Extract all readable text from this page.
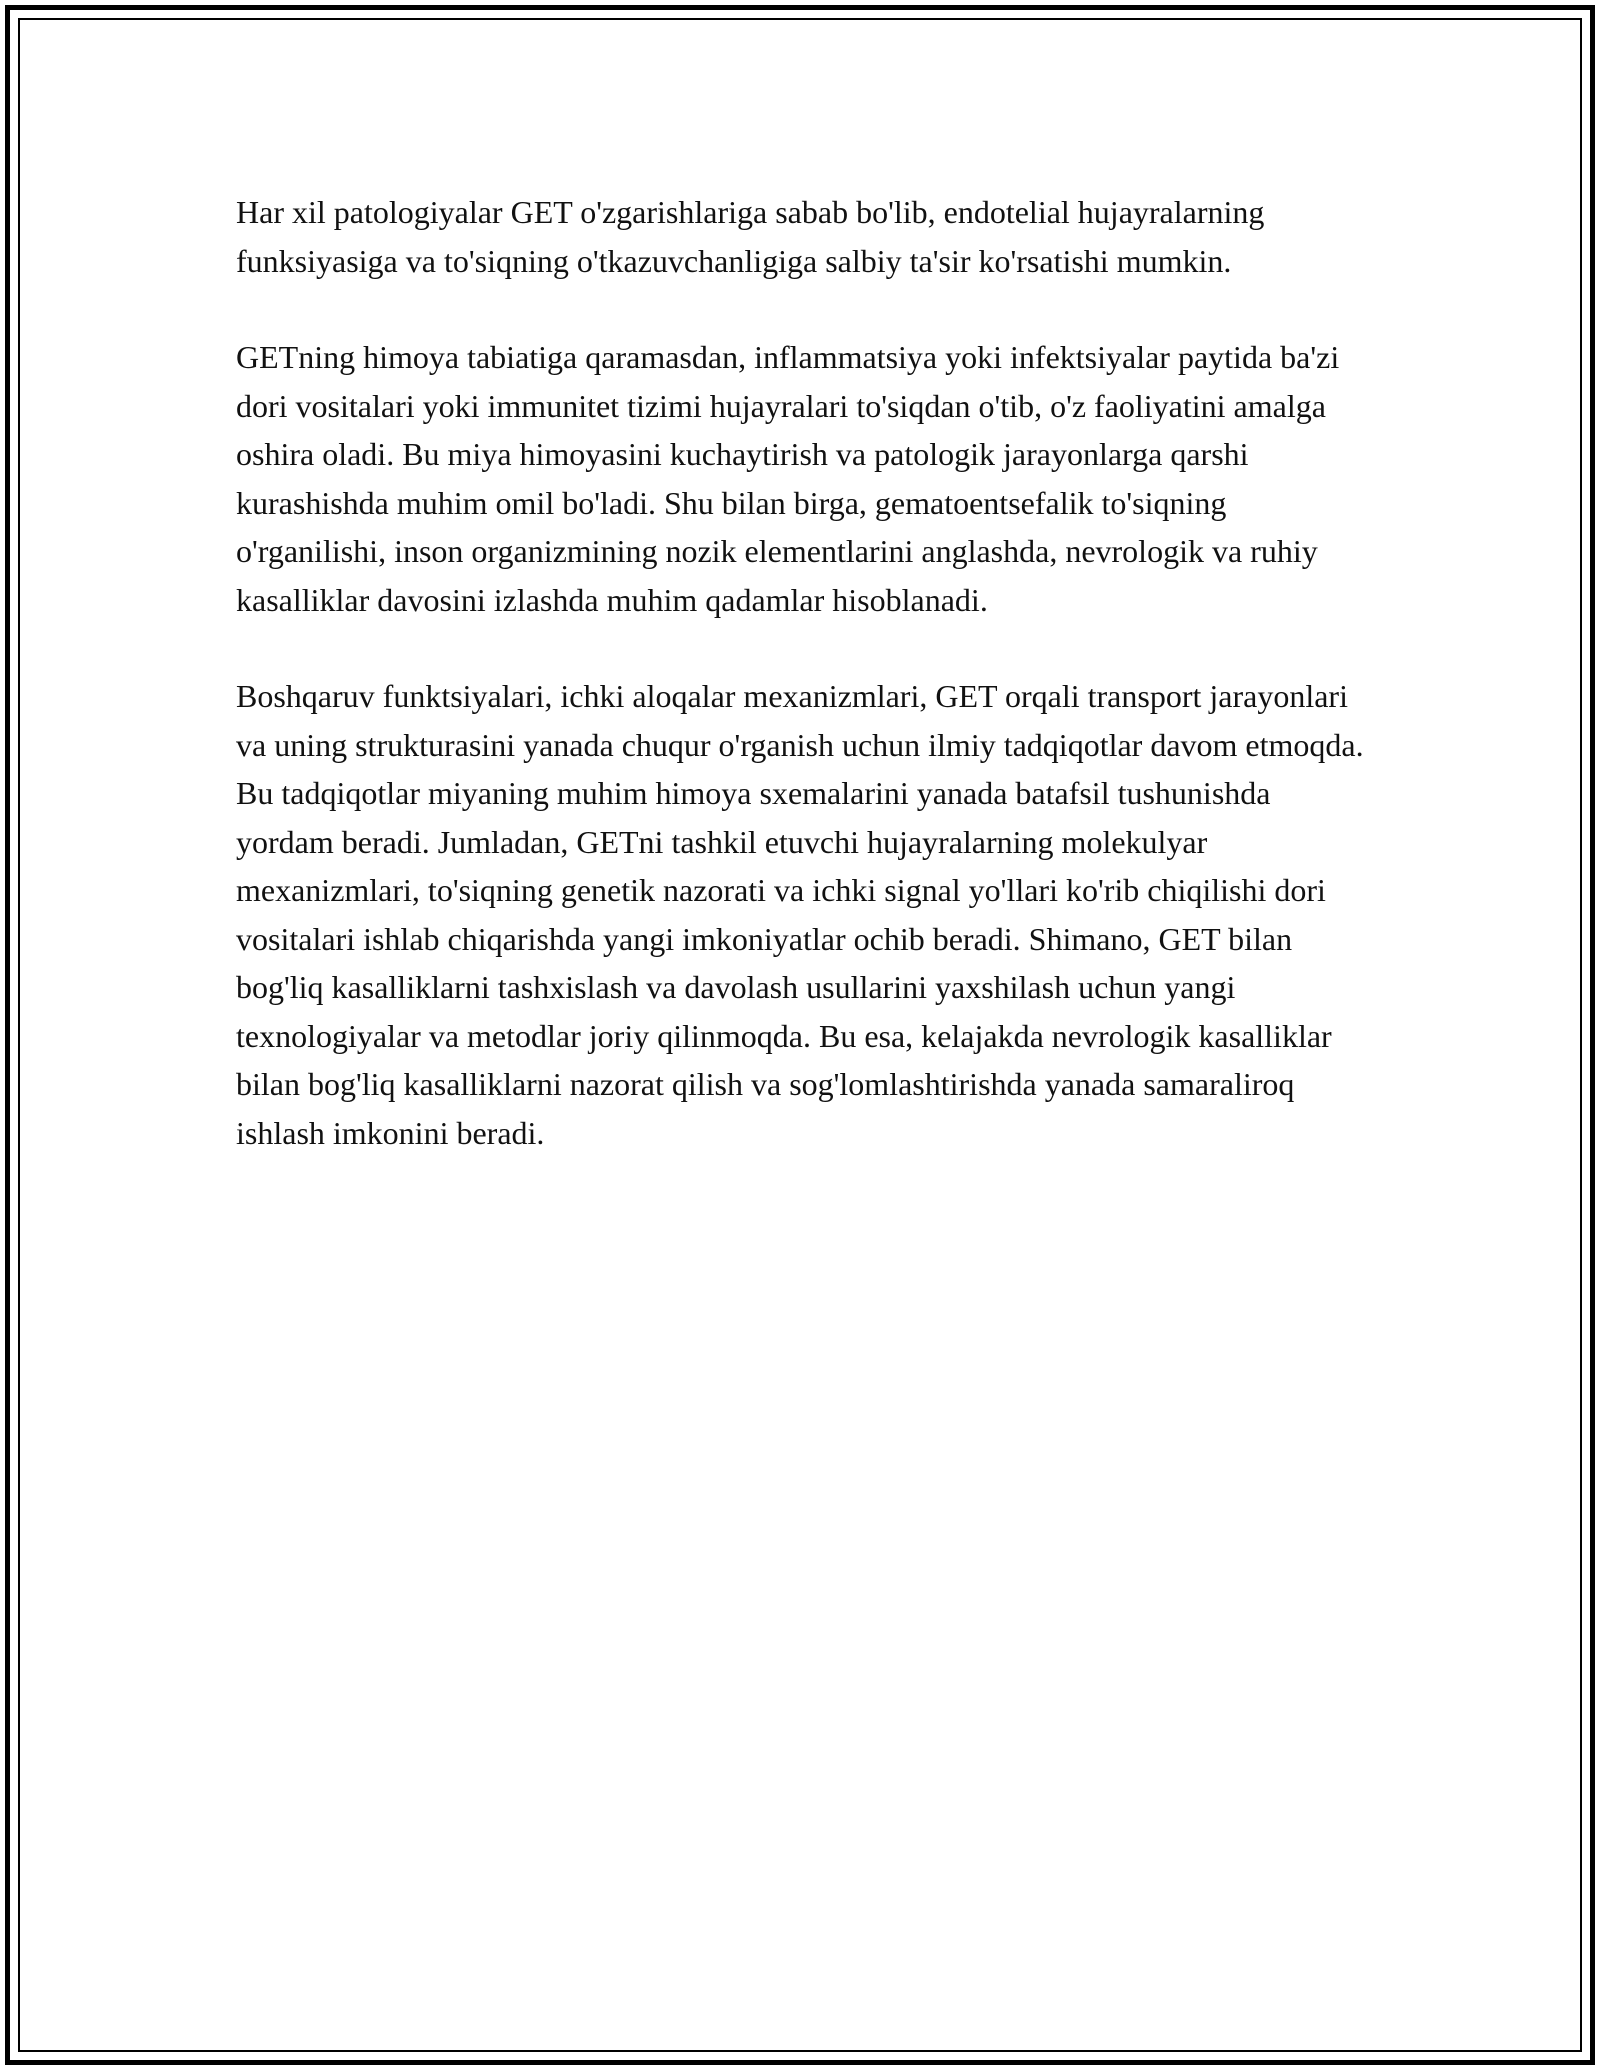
Har xil patologiyalar GET o'zgarishlariga sabab bo'lib, endotelial hujayralarning funksiyasiga va to'siqning o'tkazuvchanligiga salbiy ta'sir ko'rsatishi mumkin.

GETning himoya tabiatiga qaramasdan, inflammatsiya yoki infektsiyalar paytida ba'zi dori vositalari yoki immunitet tizimi hujayralari to'siqdan o'tib, o'z faoliyatini amalga oshira oladi. Bu miya himoyasini kuchaytirish va patologik jarayonlarga qarshi kurashishda muhim omil bo'ladi. Shu bilan birga, gematoentsefalik to'siqning o'rganilishi, inson organizmining nozik elementlarini anglashda, nevrologik va ruhiy kasalliklar davosini izlashda muhim qadamlar hisoblanadi.

Boshqaruv funktsiyalari, ichki aloqalar mexanizmlari, GET orqali transport jarayonlari va uning strukturasini yanada chuqur o'rganish uchun ilmiy tadqiqotlar davom etmoqda. Bu tadqiqotlar miyaning muhim himoya sxemalarini yanada batafsil tushunishda yordam beradi. Jumladan, GETni tashkil etuvchi hujayralarning molekulyar mexanizmlari, to'siqning genetik nazorati va ichki signal yo'llari ko'rib chiqilishi dori vositalari ishlab chiqarishda yangi imkoniyatlar ochib beradi. Shimano, GET bilan bog'liq kasalliklarni tashxislash va davolash usullarini yaxshilash uchun yangi texnologiyalar va metodlar joriy qilinmoqda. Bu esa, kelajakda nevrologik kasalliklar bilan bog'liq kasalliklarni nazorat qilish va sog'lomlashtirishda yanada samaraliroq ishlash imkonini beradi.
